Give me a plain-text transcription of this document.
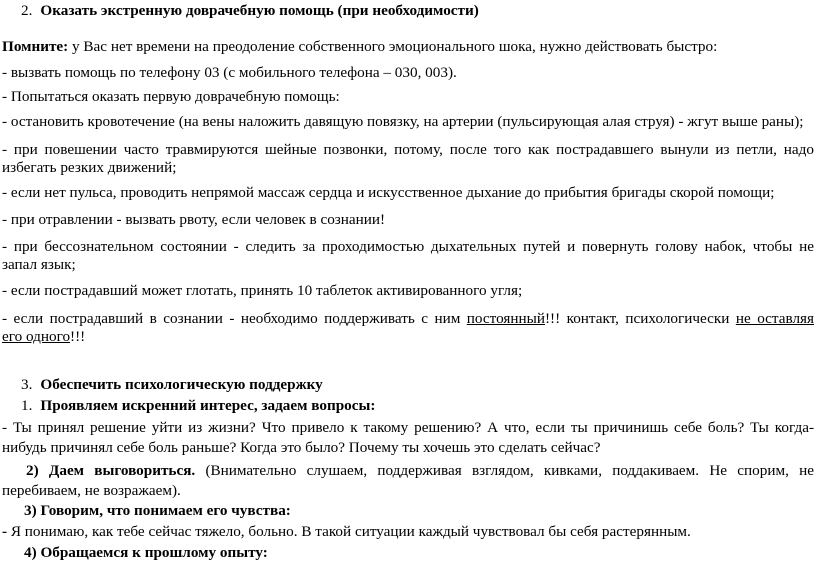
2. Оказать экстренную доврачебную помощь (при необходимости)
Помните: у Вас нет времени на преодоление собственного эмоционального шока, нужно действовать быстро:
- вызвать помощь по телефону 03 (с мобильного телефона – 030, 003).
- Попытаться оказать первую доврачебную помощь:
- остановить кровотечение (на вены наложить давящую повязку, на артерии (пульсирующая алая струя) - жгут выше раны);
- при повешении часто травмируются шейные позвонки, потому, после того как пострадавшего вынули из петли, надо
избегать резких движений;
- если нет пульса, проводить непрямой массаж сердца и искусственное дыхание до прибытия бригады скорой помощи;
- при отравлении - вызвать рвоту, если человек в сознании!
- при бессознательном состоянии - следить за проходимостью дыхательных путей и повернуть голову набок, чтобы не
запал язык;
- если пострадавший может глотать, принять 10 таблеток активированного угля;
- если пострадавший в сознании - необходимо поддерживать с ним постоянный!!! контакт, психологически не оставляя
его одного!!!
3. Обеспечить психологическую поддержку
1. Проявляем искренний интерес, задаем вопросы:
- Ты принял решение уйти из жизни? Что привело к такому решению? А что, если ты причинишь себе боль? Ты когда-
нибудь причинял себе боль раньше? Когда это было? Почему ты хочешь это сделать сейчас?
2) Даем выговориться. (Внимательно слушаем, поддерживая взглядом, кивками, поддакиваем. Не спорим, не
перебиваем, не возражаем).
3) Говорим, что понимаем его чувства:
- Я понимаю, как тебе сейчас тяжело, больно. В такой ситуации каждый чувствовал бы себя растерянным.
4) Обращаемся к прошлому опыту:
